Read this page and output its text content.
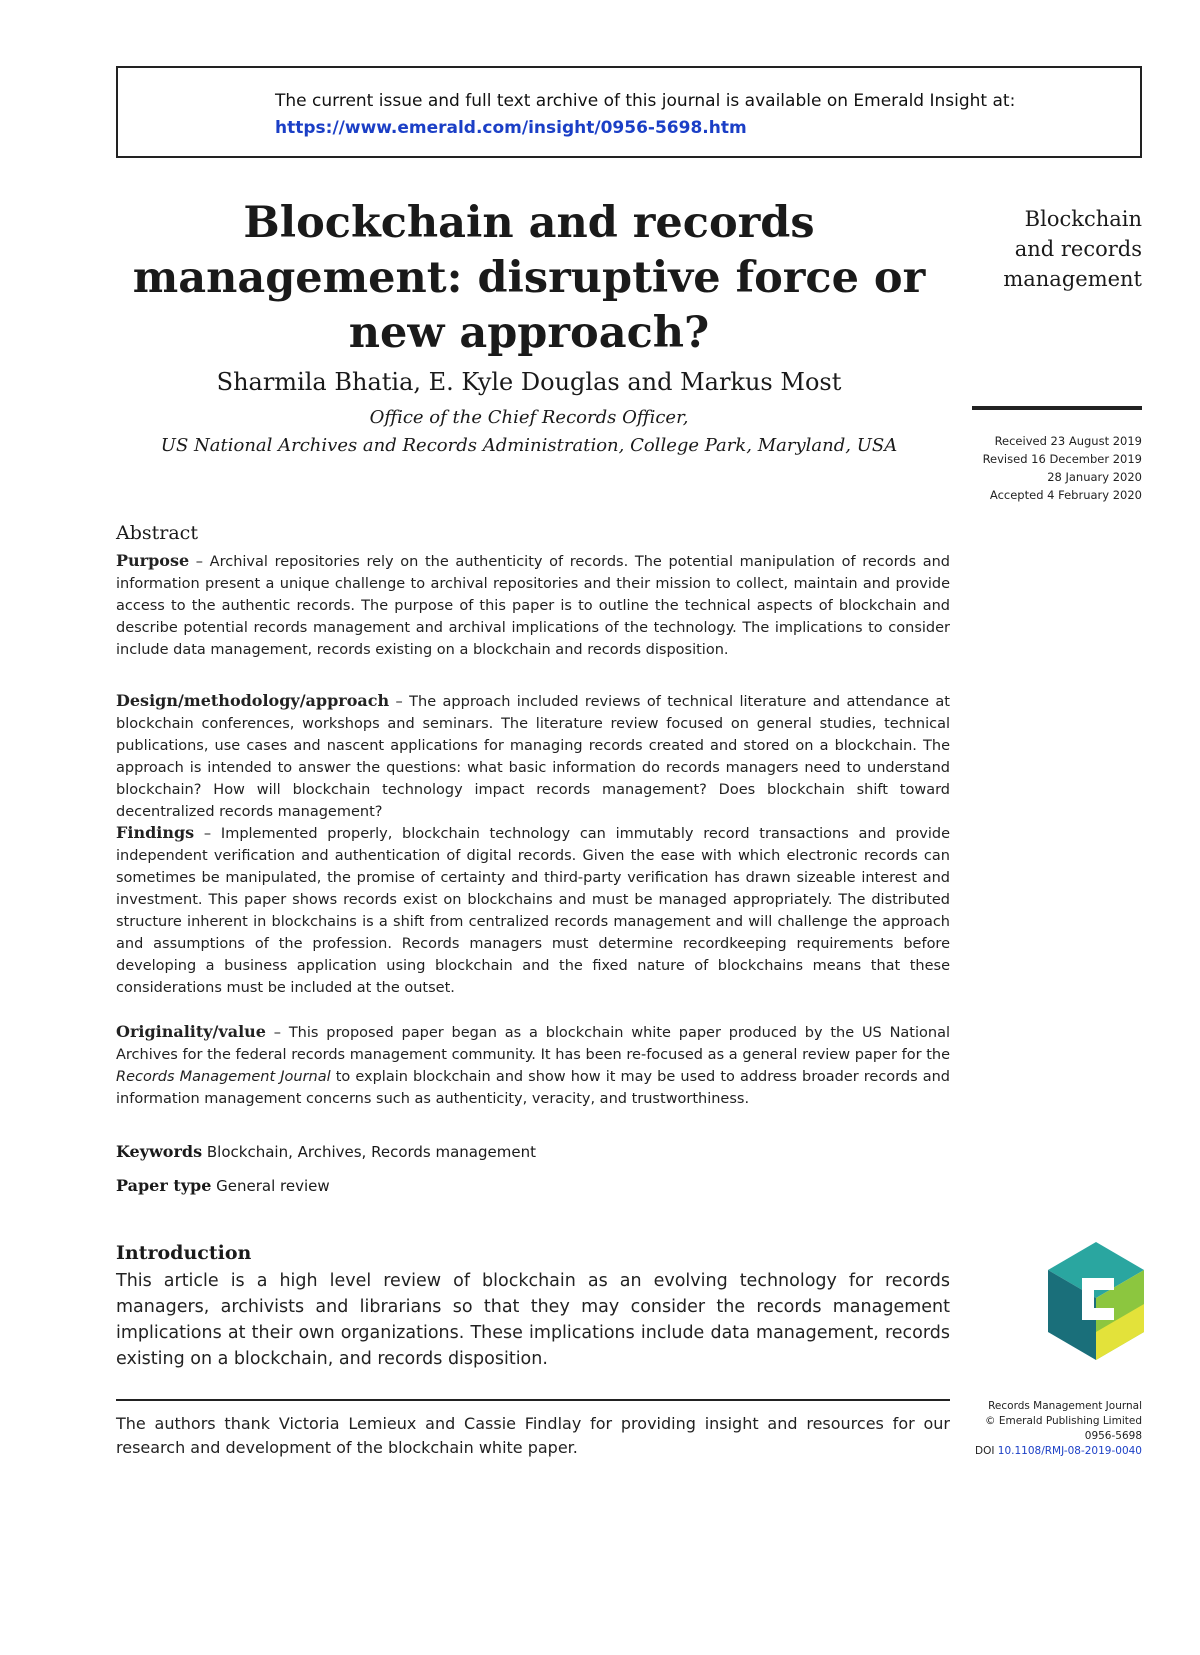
The current issue and full text archive of this journal is available on Emerald Insight at:
https://www.emerald.com/insight/0956-5698.htm
Blockchain and records management: disruptive force or new approach?
Sharmila Bhatia, E. Kyle Douglas and Markus Most
Office of the Chief Records Officer,
US National Archives and Records Administration, College Park, Maryland, USA
Blockchain
and records
management
Received 23 August 2019
Revised 16 December 2019
28 January 2020
Accepted 4 February 2020
Abstract
Purpose – Archival repositories rely on the authenticity of records. The potential manipulation of records and information present a unique challenge to archival repositories and their mission to collect, maintain and provide access to the authentic records. The purpose of this paper is to outline the technical aspects of blockchain and describe potential records management and archival implications of the technology. The implications to consider include data management, records existing on a blockchain and records disposition.
Design/methodology/approach – The approach included reviews of technical literature and attendance at blockchain conferences, workshops and seminars. The literature review focused on general studies, technical publications, use cases and nascent applications for managing records created and stored on a blockchain. The approach is intended to answer the questions: what basic information do records managers need to understand blockchain? How will blockchain technology impact records management? Does blockchain shift toward decentralized records management?
Findings – Implemented properly, blockchain technology can immutably record transactions and provide independent verification and authentication of digital records. Given the ease with which electronic records can sometimes be manipulated, the promise of certainty and third-party verification has drawn sizeable interest and investment. This paper shows records exist on blockchains and must be managed appropriately. The distributed structure inherent in blockchains is a shift from centralized records management and will challenge the approach and assumptions of the profession. Records managers must determine recordkeeping requirements before developing a business application using blockchain and the fixed nature of blockchains means that these considerations must be included at the outset.
Originality/value – This proposed paper began as a blockchain white paper produced by the US National Archives for the federal records management community. It has been re-focused as a general review paper for the Records Management Journal to explain blockchain and show how it may be used to address broader records and information management concerns such as authenticity, veracity, and trustworthiness.
Keywords Blockchain, Archives, Records management
Paper type General review
Introduction
This article is a high level review of blockchain as an evolving technology for records managers, archivists and librarians so that they may consider the records management implications at their own organizations. These implications include data management, records existing on a blockchain, and records disposition.
The authors thank Victoria Lemieux and Cassie Findlay for providing insight and resources for our research and development of the blockchain white paper.
Records Management Journal
© Emerald Publishing Limited
0956-5698
DOI 10.1108/RMJ-08-2019-0040
